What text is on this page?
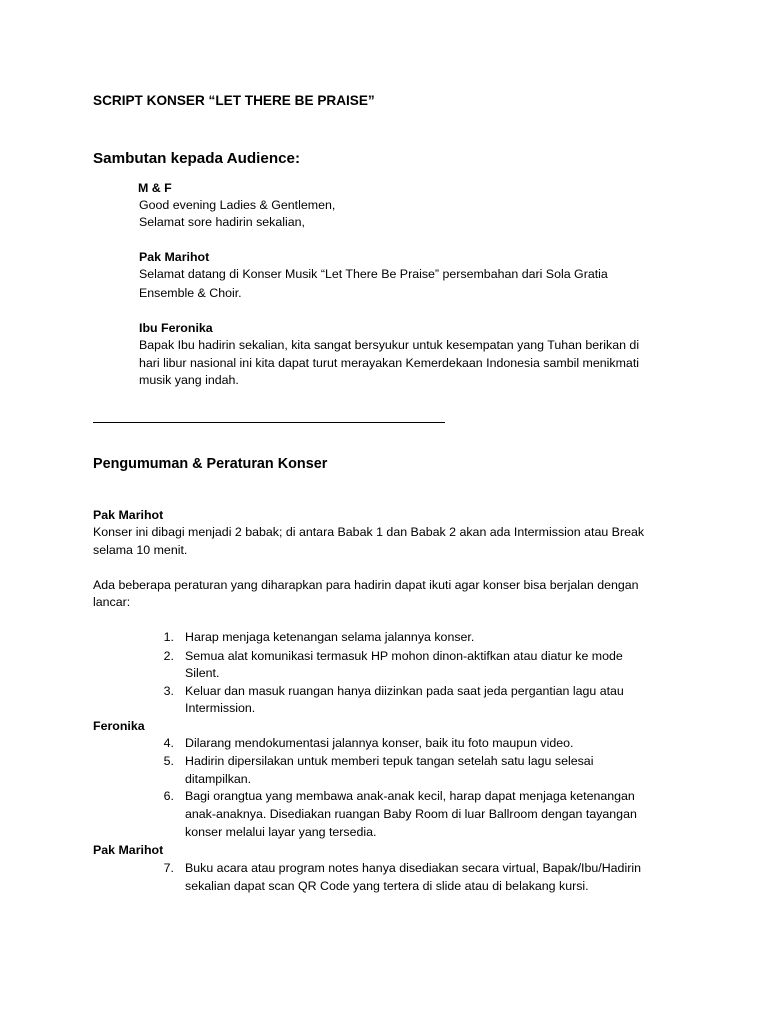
SCRIPT KONSER “LET THERE BE PRAISE”
Sambutan kepada Audience:
M & F
Good evening Ladies & Gentlemen,
Selamat sore hadirin sekalian,
Pak Marihot
Selamat datang di Konser Musik “Let There Be Praise” persembahan dari Sola Gratia
Ensemble & Choir.
Ibu Feronika
Bapak Ibu hadirin sekalian, kita sangat bersyukur untuk kesempatan yang Tuhan berikan di
hari libur nasional ini kita dapat turut merayakan Kemerdekaan Indonesia sambil menikmati
musik yang indah.
Pengumuman & Peraturan Konser
Pak Marihot
Konser ini dibagi menjadi 2 babak; di antara Babak 1 dan Babak 2 akan ada Intermission atau Break
selama 10 menit.
Ada beberapa peraturan yang diharapkan para hadirin dapat ikuti agar konser bisa berjalan dengan
lancar:
1. Harap menjaga ketenangan selama jalannya konser.
2. Semua alat komunikasi termasuk HP mohon dinon-aktifkan atau diatur ke mode
Silent.
3. Keluar dan masuk ruangan hanya diizinkan pada saat jeda pergantian lagu atau
Intermission.
Feronika
4. Dilarang mendokumentasi jalannya konser, baik itu foto maupun video.
5. Hadirin dipersilakan untuk memberi tepuk tangan setelah satu lagu selesai
ditampilkan.
6. Bagi orangtua yang membawa anak-anak kecil, harap dapat menjaga ketenangan
anak-anaknya. Disediakan ruangan Baby Room di luar Ballroom dengan tayangan
konser melalui layar yang tersedia.
Pak Marihot
7. Buku acara atau program notes hanya disediakan secara virtual, Bapak/Ibu/Hadirin
sekalian dapat scan QR Code yang tertera di slide atau di belakang kursi.
